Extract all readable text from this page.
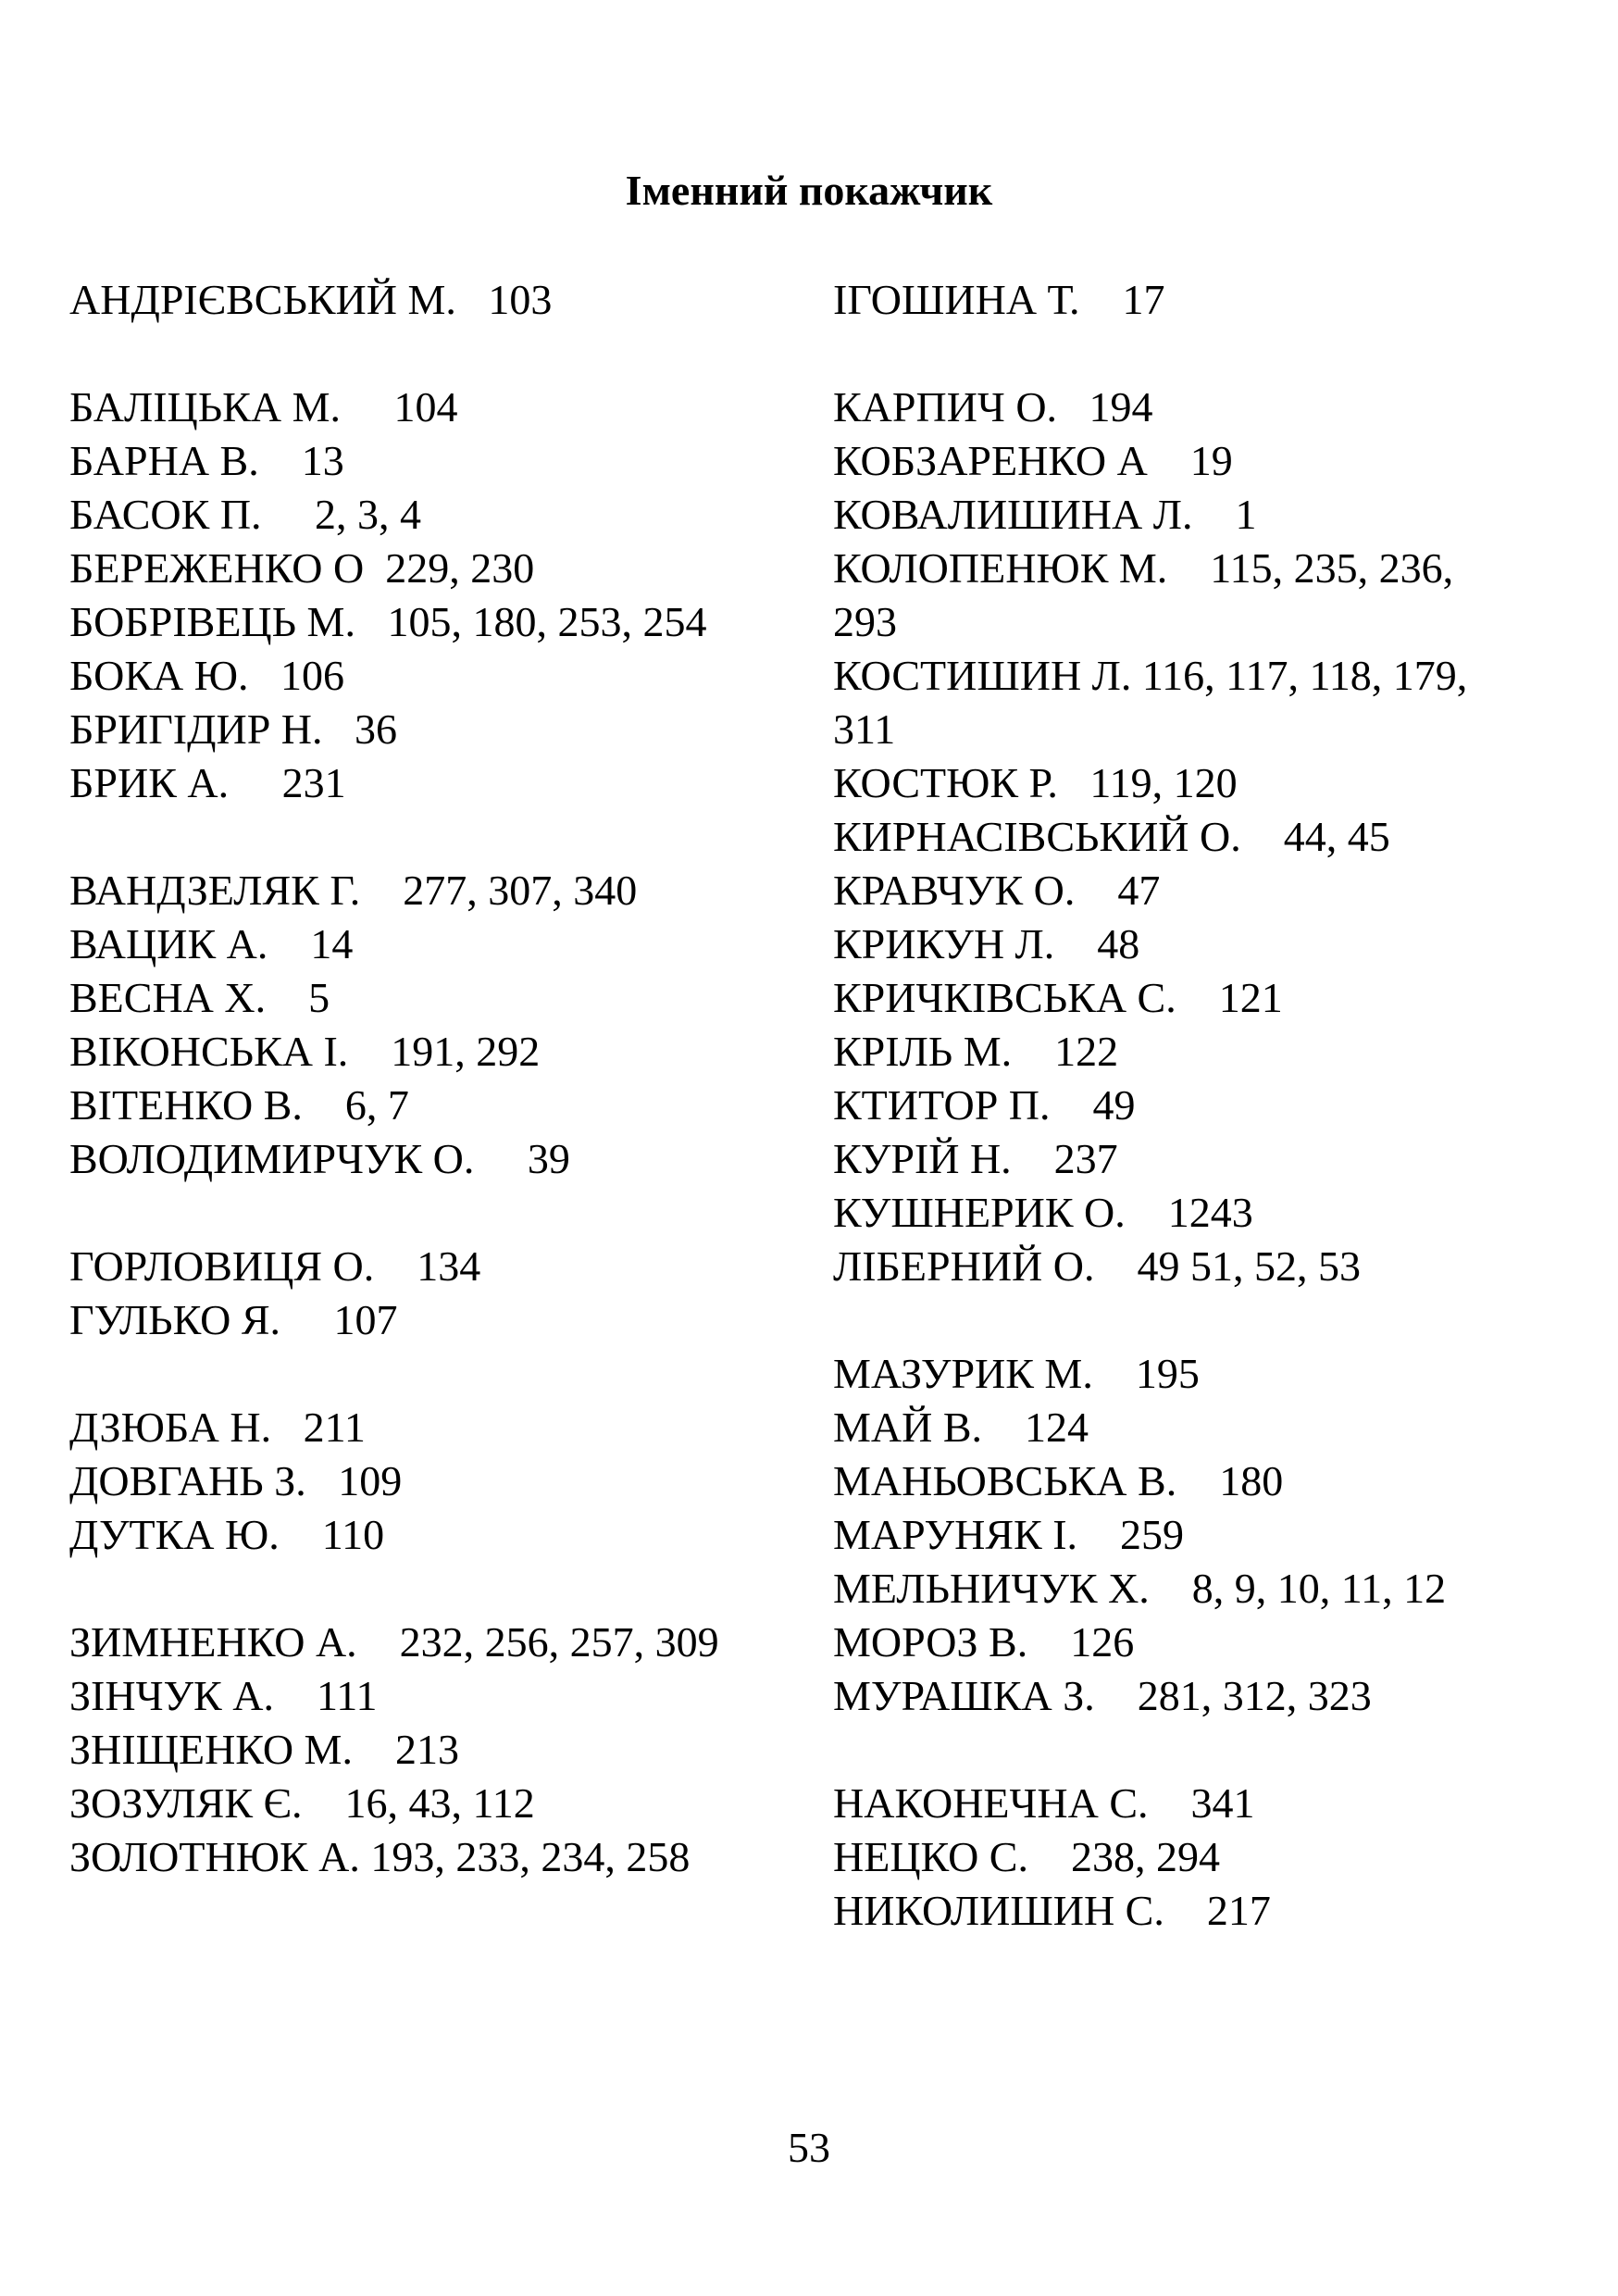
Іменний покажчик
АНДРІЄВСЬКИЙ М.   103
БАЛІЦЬКА М.     104
БАРНА В.    13
БАСОК П.     2, 3, 4
БЕРЕЖЕНКО О  229, 230
БОБРІВЕЦЬ М.   105, 180, 253, 254
БОКА Ю.   106
БРИГІДИР Н.   36
БРИК А.     231
ВАНДЗЕЛЯК Г.    277, 307, 340
ВАЦИК А.    14
ВЕСНА Х.    5
ВІКОНСЬКА І.    191, 292
ВІТЕНКО В.    6, 7
ВОЛОДИМИРЧУК О.     39
ГОРЛОВИЦЯ О.    134
ГУЛЬКО Я.     107
ДЗЮБА Н.   211
ДОВГАНЬ З.   109
ДУТКА Ю.    110
ЗИМНЕНКО А.    232, 256, 257, 309
ЗІНЧУК А.    111
ЗНІЩЕНКО М.    213
ЗОЗУЛЯК Є.    16, 43, 112
ЗОЛОТНЮК А. 193, 233, 234, 258
ІГОШИНА Т.    17
КАРПИЧ О.   194
КОБЗАРЕНКО А    19
КОВАЛИШИНА Л.    1
КОЛОПЕНЮК М.    115, 235, 236, 293
КОСТИШИН Л. 116, 117, 118, 179, 311
КОСТЮК Р.   119, 120
КИРНАСІВСЬКИЙ О.    44, 45
КРАВЧУК О.    47
КРИКУН Л.    48
КРИЧКІВСЬКА С.    121
КРІЛЬ М.    122
КТИТОР П.    49
КУРІЙ Н.    237
КУШНЕРИК О.    1243
ЛІБЕРНИЙ О.    49 51, 52, 53
МАЗУРИК М.    195
МАЙ В.    124
МАНЬОВСЬКА В.    180
МАРУНЯК І.    259
МЕЛЬНИЧУК Х.    8, 9, 10, 11, 12
МОРОЗ В.    126
МУРАШКА З.    281, 312, 323
НАКОНЕЧНА С.    341
НЕЦКО С.    238, 294
НИКОЛИШИН С.    217

53
